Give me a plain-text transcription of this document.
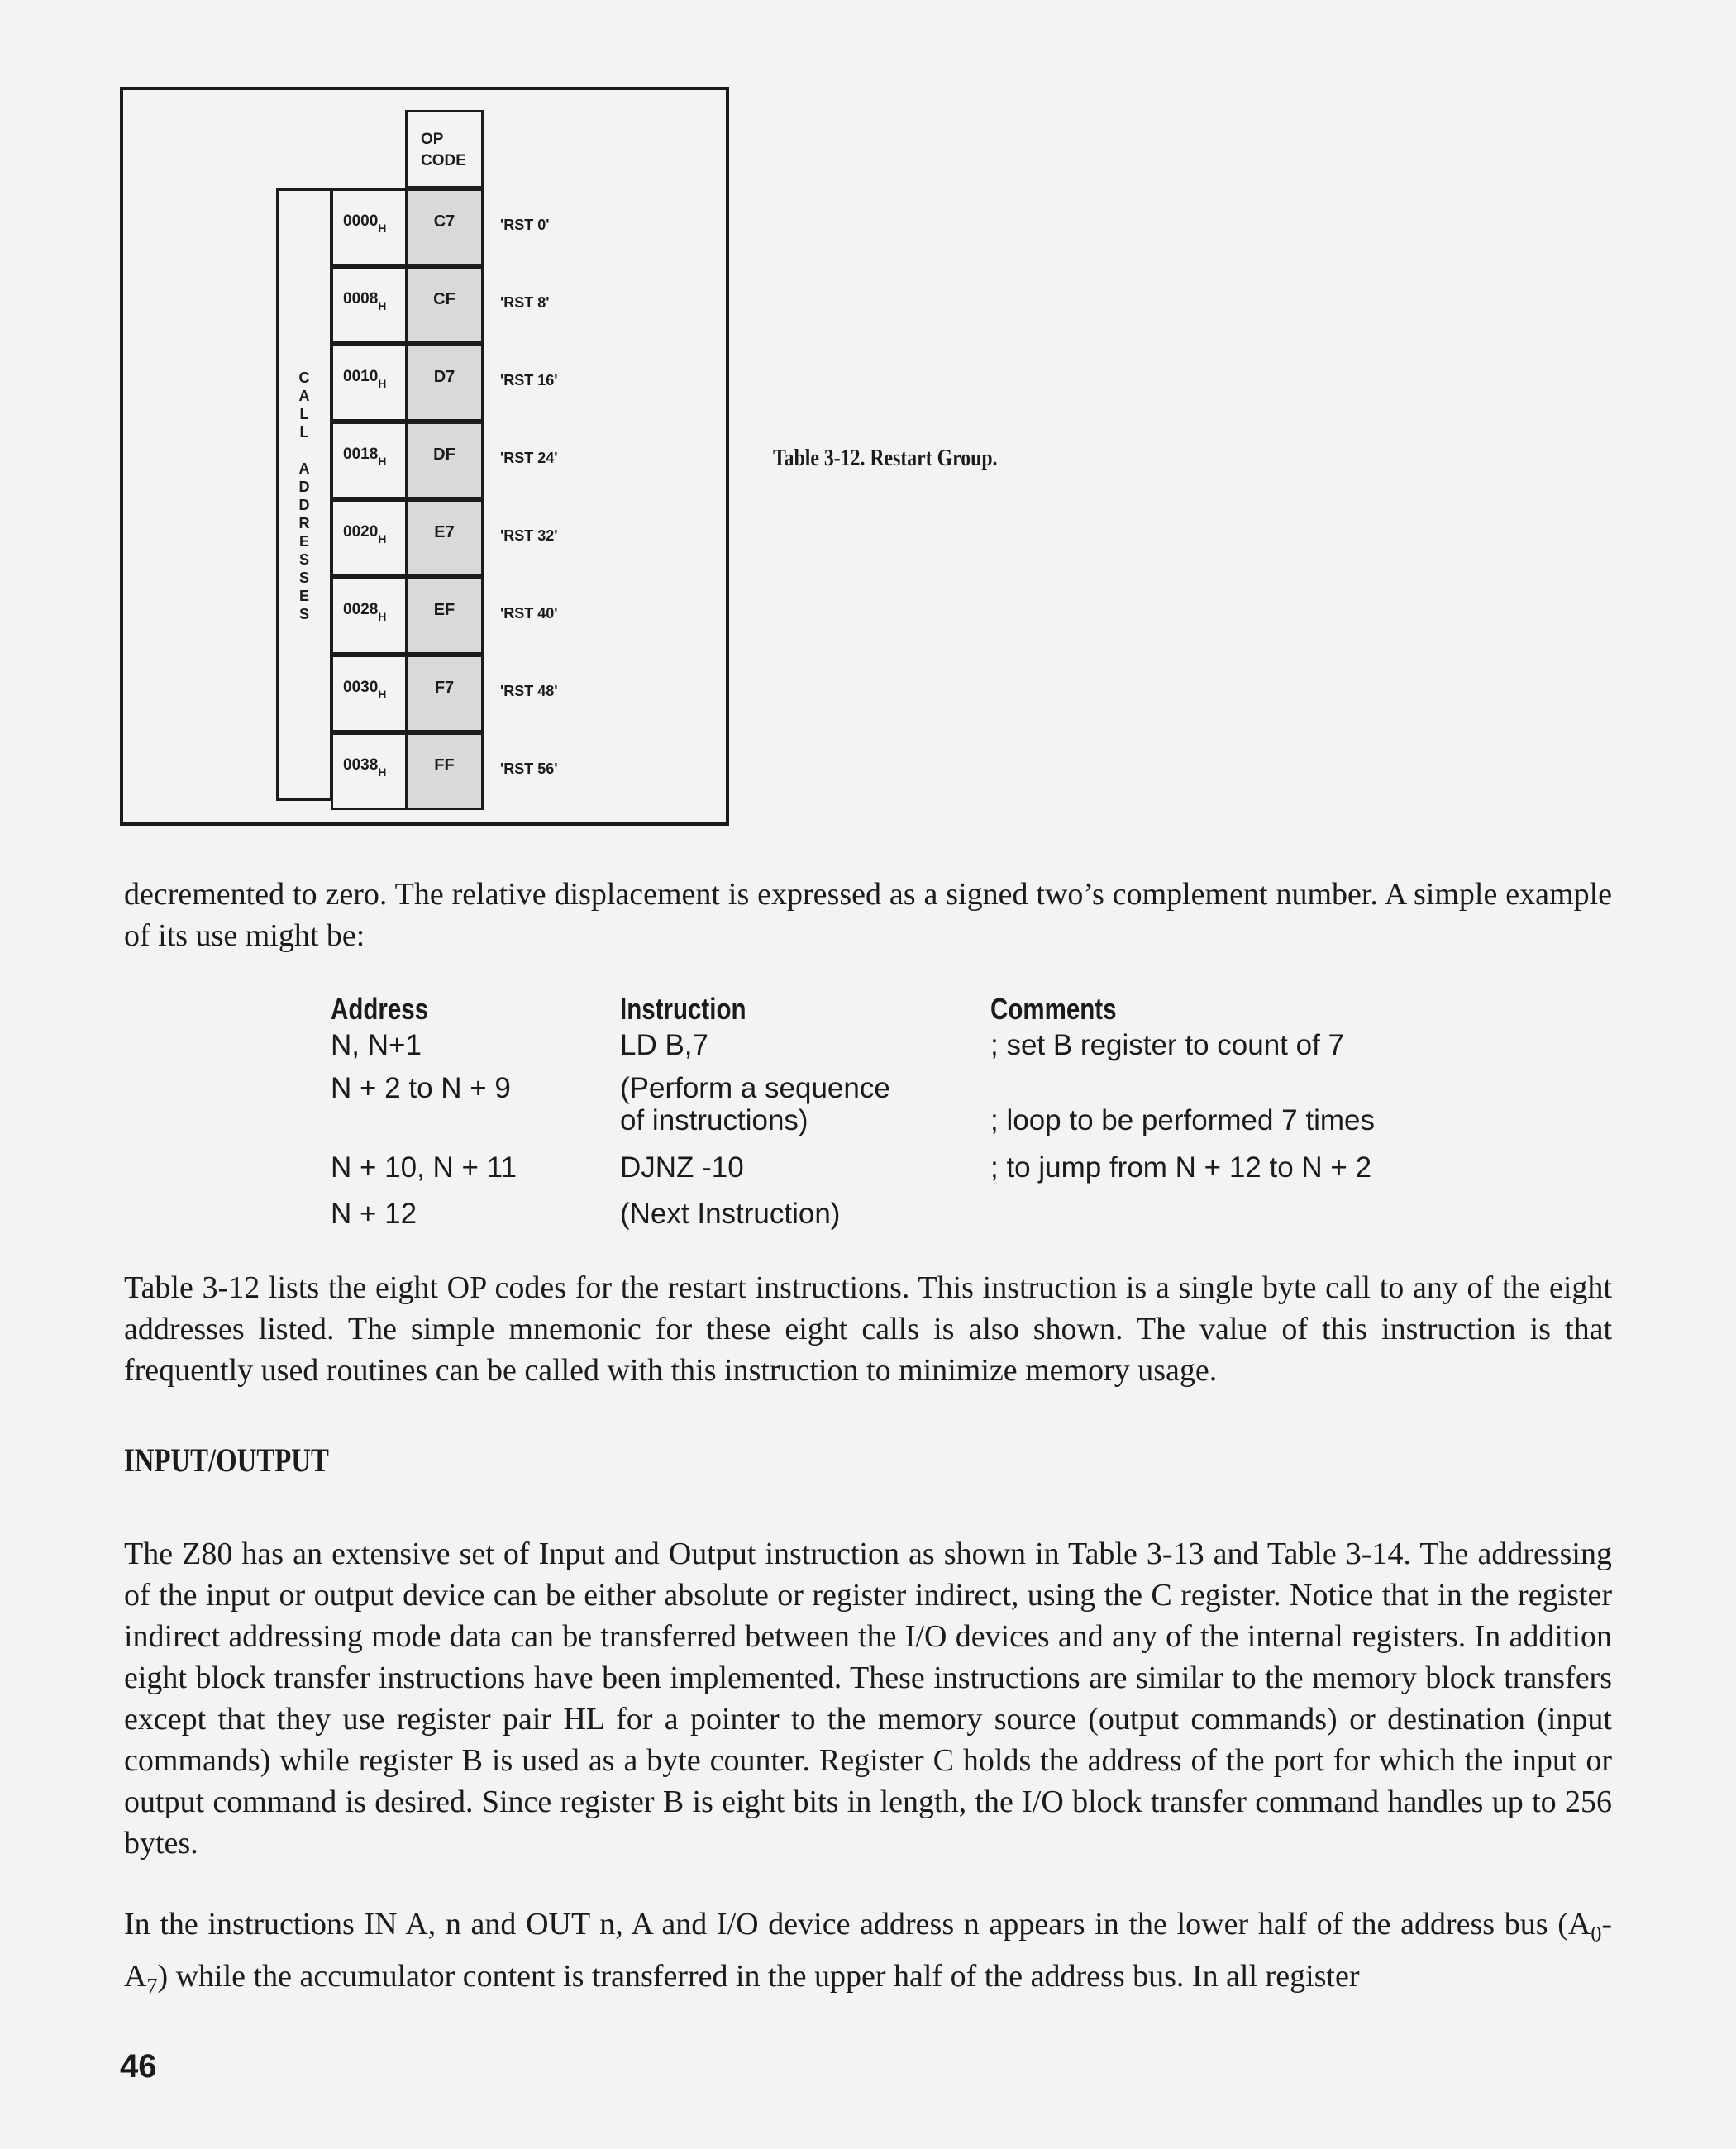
C
A
L
L
A
D
D
R
E
S
S
E
S
OP
CODE
$0000_H$	C7	'RST 0'
$0008_H$	CF	'RST 8'
$0010_H$	D7	'RST 16'
$0018_H$	DF	'RST 24'
$0020_H$	E7	'RST 32'
$0028_H$	EF	'RST 40'
$0030_H$	F7	'RST 48'
$0038_H$	FF	'RST 56'
Table 3-12. Restart Group.
decremented to zero. The relative displacement is expressed as a signed two’s complement number. A simple example of its use might be:
Address	Instruction	Comments
N, N+1	LD B,7	; set B register to count of 7
N + 2 to N + 9	(Perform a sequence
of instructions)	; loop to be performed 7 times
N + 10, N + 11	DJNZ -10	; to jump from N + 12 to N + 2
N + 12	(Next Instruction)
Table 3-12 lists the eight OP codes for the restart instructions. This instruction is a single byte call to any of the eight addresses listed. The simple mnemonic for these eight calls is also shown. The value of this instruction is that frequently used routines can be called with this instruction to minimize memory usage.
INPUT/OUTPUT
The Z80 has an extensive set of Input and Output instruction as shown in Table 3-13 and Table 3-14. The addressing of the input or output device can be either absolute or register indirect, using the C register. Notice that in the register indirect addressing mode data can be transferred between the I/O devices and any of the internal registers. In addition eight block transfer instructions have been implemented. These instructions are similar to the memory block transfers except that they use register pair HL for a pointer to the memory source (output commands) or destination (input commands) while register B is used as a byte counter. Register C holds the address of the port for which the input or output command is desired. Since register B is eight bits in length, the I/O block transfer command handles up to 256 bytes.
In the instructions IN A, n and OUT n, A and I/O device address n appears in the lower half of the address bus $(A_0-A_7)$ while the accumulator content is transferred in the upper half of the address bus. In all register
46
